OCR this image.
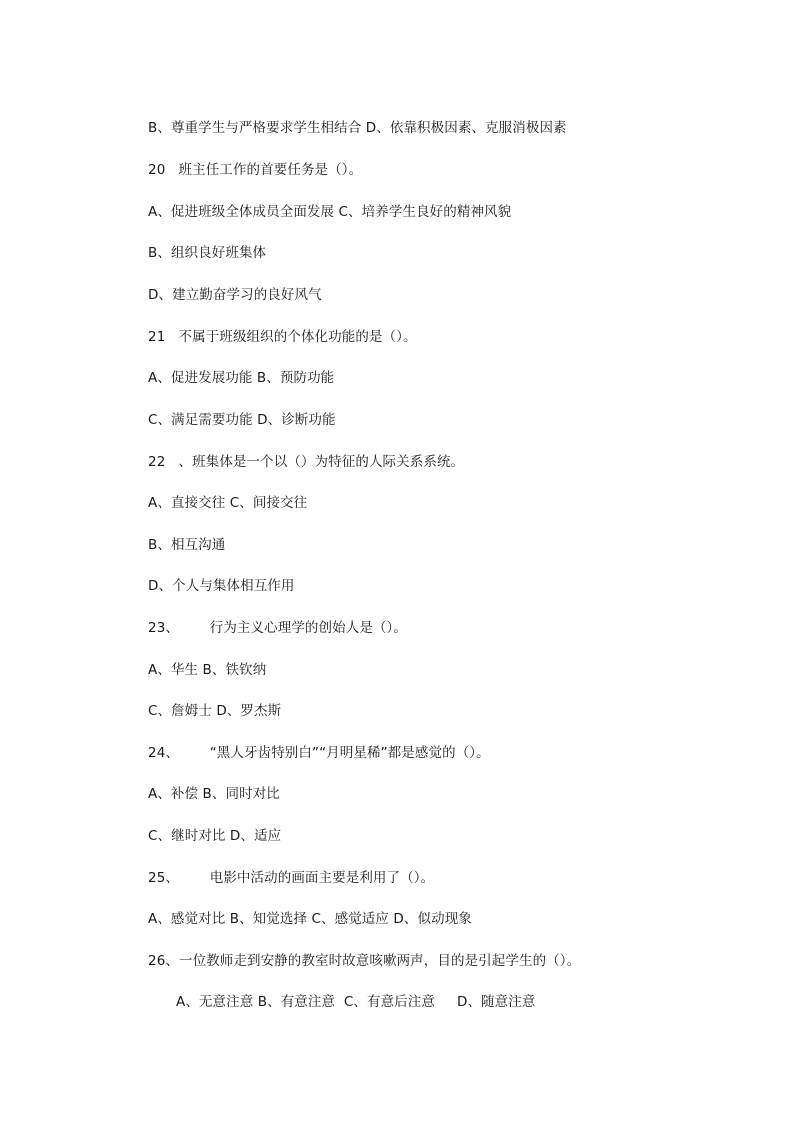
B、尊重学生与严格要求学生相结合 D、依靠积极因素、克服消极因素
20   班主任工作的首要任务是（）。
A、促进班级全体成员全面发展 C、培养学生良好的精神风貌
B、组织良好班集体
D、建立勤奋学习的良好风气
21   不属于班级组织的个体化功能的是（）。
A、促进发展功能 B、预防功能
C、满足需要功能 D、诊断功能
22   、班集体是一个以（）为特征的人际关系系统。
A、直接交往 C、间接交往
B、相互沟通
D、个人与集体相互作用
23、       行为主义心理学的创始人是（）。
A、华生 B、铁钦纳
C、詹姆士 D、罗杰斯
24、       “黑人牙齿特别白”“月明星稀”都是感觉的（）。
A、补偿 B、同时对比
C、继时对比 D、适应
25、       电影中活动的画面主要是利用了（）。
A、感觉对比 B、知觉选择 C、感觉适应 D、似动现象
26、一位教师走到安静的教室时故意咳嗽两声，目的是引起学生的（）。
A、无意注意 B、有意注意  C、有意后注意     D、随意注意
